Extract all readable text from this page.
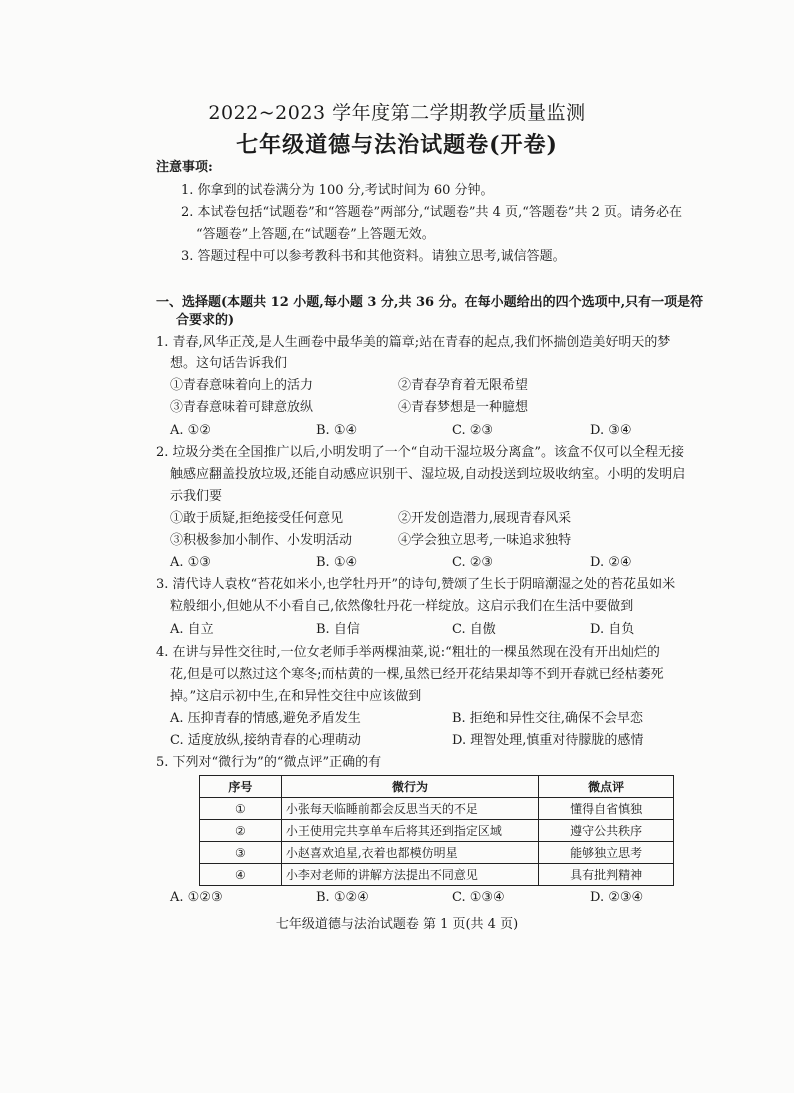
2022~2023 学年度第二学期教学质量监测
七年级道德与法治试题卷(开卷)
注意事项:
1. 你拿到的试卷满分为 100 分,考试时间为 60 分钟。
2. 本试卷包括“试题卷”和“答题卷”两部分,“试题卷”共 4 页,“答题卷”共 2 页。请务必在
“答题卷”上答题,在“试题卷”上答题无效。
3. 答题过程中可以参考教科书和其他资料。请独立思考,诚信答题。
一、选择题(本题共 12 小题,每小题 3 分,共 36 分。在每小题给出的四个选项中,只有一项是符
合要求的)
1. 青春,风华正茂,是人生画卷中最华美的篇章;站在青春的起点,我们怀揣创造美好明天的梦
想。这句话告诉我们
①青春意味着向上的活力	②青春孕育着无限希望
③青春意味着可肆意放纵	④青春梦想是一种臆想
A. ①②	B. ①④	C. ②③	D. ③④
2. 垃圾分类在全国推广以后,小明发明了一个“自动干湿垃圾分离盒”。该盒不仅可以全程无接
触感应翻盖投放垃圾,还能自动感应识别干、湿垃圾,自动投送到垃圾收纳室。小明的发明启
示我们要
①敢于质疑,拒绝接受任何意见	②开发创造潜力,展现青春风采
③积极参加小制作、小发明活动	④学会独立思考,一味追求独特
A. ①③	B. ①④	C. ②③	D. ②④
3. 清代诗人袁枚“苔花如米小,也学牡丹开”的诗句,赞颂了生长于阴暗潮湿之处的苔花虽如米
粒般细小,但她从不小看自己,依然像牡丹花一样绽放。这启示我们在生活中要做到
A. 自立	B. 自信	C. 自傲	D. 自负
4. 在讲与异性交往时,一位女老师手举两棵油菜,说:“粗壮的一棵虽然现在没有开出灿烂的
花,但是可以熬过这个寒冬;而枯黄的一棵,虽然已经开花结果却等不到开春就已经枯萎死
掉。”这启示初中生,在和异性交往中应该做到
A. 压抑青春的情感,避免矛盾发生	B. 拒绝和异性交往,确保不会早恋
C. 适度放纵,接纳青春的心理萌动	D. 理智处理,慎重对待朦胧的感情
5. 下列对“微行为”的“微点评”正确的有
序号	微行为	微点评
①	小张每天临睡前都会反思当天的不足	懂得自省慎独
②	小王使用完共享单车后将其还到指定区域	遵守公共秩序
③	小赵喜欢追星,衣着也都模仿明星	能够独立思考
④	小李对老师的讲解方法提出不同意见	具有批判精神
A. ①②③	B. ①②④	C. ①③④	D. ②③④
七年级道德与法治试题卷 第 1 页(共 4 页)
